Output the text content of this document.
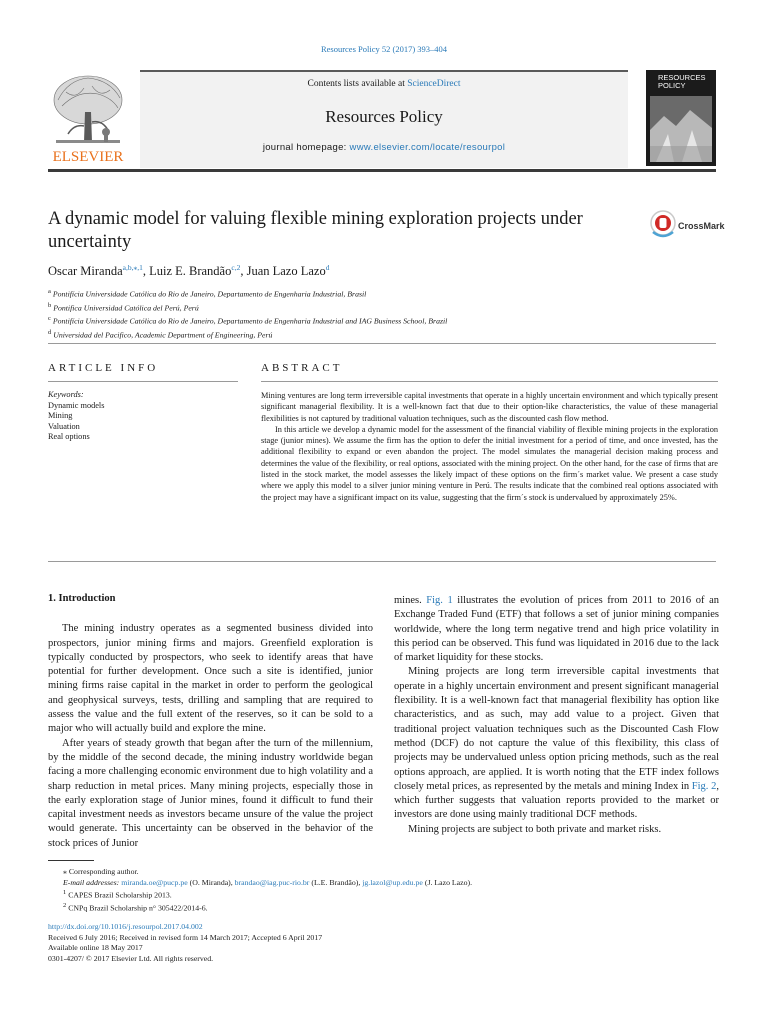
Resources Policy 52 (2017) 393–404
ELSEVIER
Contents lists available at ScienceDirect
Resources Policy
journal homepage: www.elsevier.com/locate/resourpol
RESOURCES
POLICY
A dynamic model for valuing flexible mining exploration projects under uncertainty
CrossMark
Oscar Miranda$^{a,b,⁎,1}$, Luiz E. Brandão$^{c,2}$, Juan Lazo Lazo$^d$
$^a$ Pontifícia Universidade Católica do Rio de Janeiro, Departamento de Engenharia Industrial, Brasil
$^b$ Pontifica Universidad Católica del Perú, Perú
$^c$ Pontifícia Universidade Católica do Rio de Janeiro, Departamento de Engenharia Industrial and IAG Business School, Brazil
$^d$ Universidad del Pacifico, Academic Department of Engineering, Perú
ARTICLE INFO	ABSTRACT
Keywords:
Dynamic models
Mining
Valuation
Real options

Mining ventures are long term irreversible capital investments that operate in a highly uncertain environment and which typically present significant managerial flexibility. It is a well-known fact that due to their option-like characteristics, the value of these managerial flexibilities is not captured by traditional valuation techniques, such as the discounted cash flow method.

In this article we develop a dynamic model for the assessment of the financial viability of flexible mining projects in the exploration stage (junior mines). We assume the firm has the option to defer the initial investment for a period of time, and once invested, has the additional flexibility to expand or even abandon the project. The model simulates the managerial decision making process and determines the value of the flexibility, or real options, associated with the mining project. On the other hand, for the case of firms that are listed in the stock market, the model assesses the likely impact of these options on the firm´s market value. We present a case study where we apply this model to a silver junior mining venture in Perú. The results indicate that the combined real options associated with the project may have a significant impact on its value, suggesting that the firm´s stock is undervalued by approximately 25%.

1. Introduction

The mining industry operates as a segmented business divided into prospectors, junior mining firms and majors. Greenfield exploration is typically conducted by prospectors, who seek to identify areas that have potential for further development. Once such a site is identified, junior mining firms raise capital in the market in order to perform the geological and geophysical surveys, tests, drilling and sampling that are required to assess the value and the full extent of the reserves, so it can be sold to a major who will actually build and explore the mine.

After years of steady growth that began after the turn of the millennium, by the middle of the second decade, the mining industry worldwide began facing a more challenging economic environment due to high volatility and a sharp reduction in metal prices. Many mining projects, especially those in the early exploration stage of Junior mines, found it difficult to fund their capital investment needs as investors became unsure of the value the project would generate. This uncertainty can be observed in the behavior of the stock prices of Junior

mines. Fig. 1 illustrates the evolution of prices from 2011 to 2016 of an Exchange Traded Fund (ETF) that follows a set of junior mining companies worldwide, where the long term negative trend and high price volatility in this period can be observed. This fund was liquidated in 2016 due to the lack of market liquidity for these stocks.

Mining projects are long term irreversible capital investments that operate in a highly uncertain environment and present significant managerial flexibility. It is a well-known fact that managerial flexibility has option like characteristics, and as such, may add value to a project. Given that traditional project valuation techniques such as the Discounted Cash Flow method (DCF) do not capture the value of this flexibility, this class of projects may be undervalued unless option pricing methods, such as the real options approach, are applied. It is worth noting that the ETF index follows closely metal prices, as represented by the metals and mining Index in Fig. 2, which further suggests that valuation reports provided to the market or investors are done using mainly traditional DCF methods.

Mining projects are subject to both private and market risks.

⁎ Corresponding author.
E-mail addresses: miranda.oe@pucp.pe (O. Miranda), brandao@iag.puc-rio.br (L.E. Brandão), jg.lazol@up.edu.pe (J. Lazo Lazo).
$^1$ CAPES Brazil Scholarship 2013.
$^2$ CNPq Brazil Scholarship n° 305422/2014-6.
http://dx.doi.org/10.1016/j.resourpol.2017.04.002
Received 6 July 2016; Received in revised form 14 March 2017; Accepted 6 April 2017
Available online 18 May 2017
0301-4207/ © 2017 Elsevier Ltd. All rights reserved.
